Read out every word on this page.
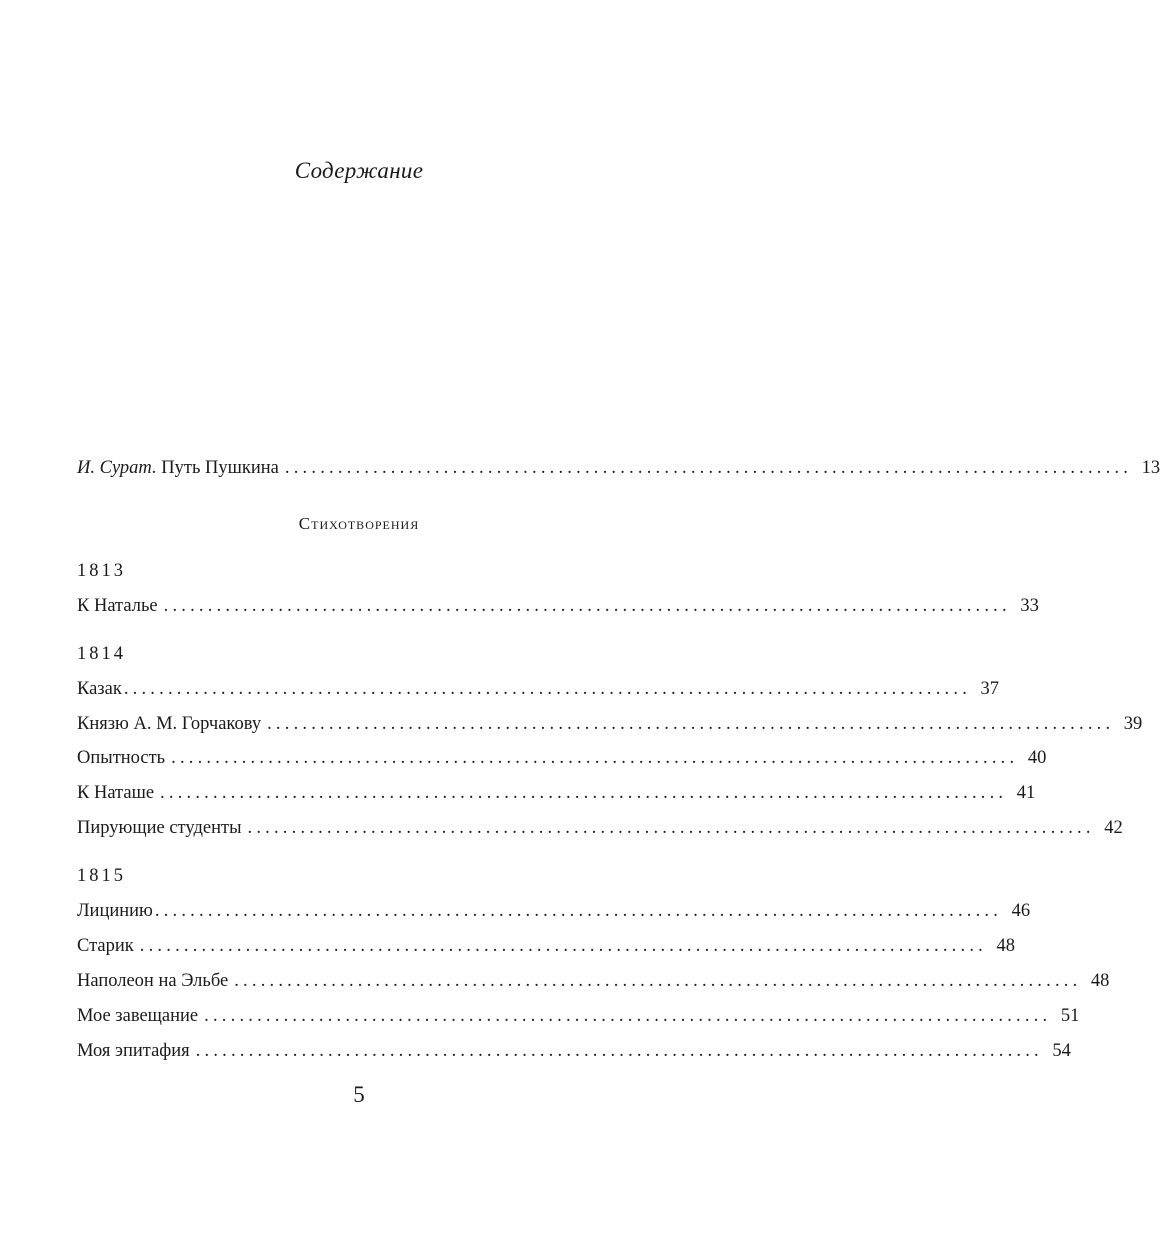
Содержание
И. Сурат. Путь Пушкина ................................................................................................ 13
Стихотворения
1813
К Наталье ................................................................................................ 33
1814
Казак ................................................................................................ 37
Князю А. М. Горчакову ................................................................................................ 39
Опытность ................................................................................................ 40
К Наташе ................................................................................................ 41
Пирующие студенты ................................................................................................ 42
1815
Лицинию ................................................................................................ 46
Старик ................................................................................................ 48
Наполеон на Эльбе ................................................................................................ 48
Мое завещание ................................................................................................ 51
Моя эпитафия ................................................................................................ 54
5
